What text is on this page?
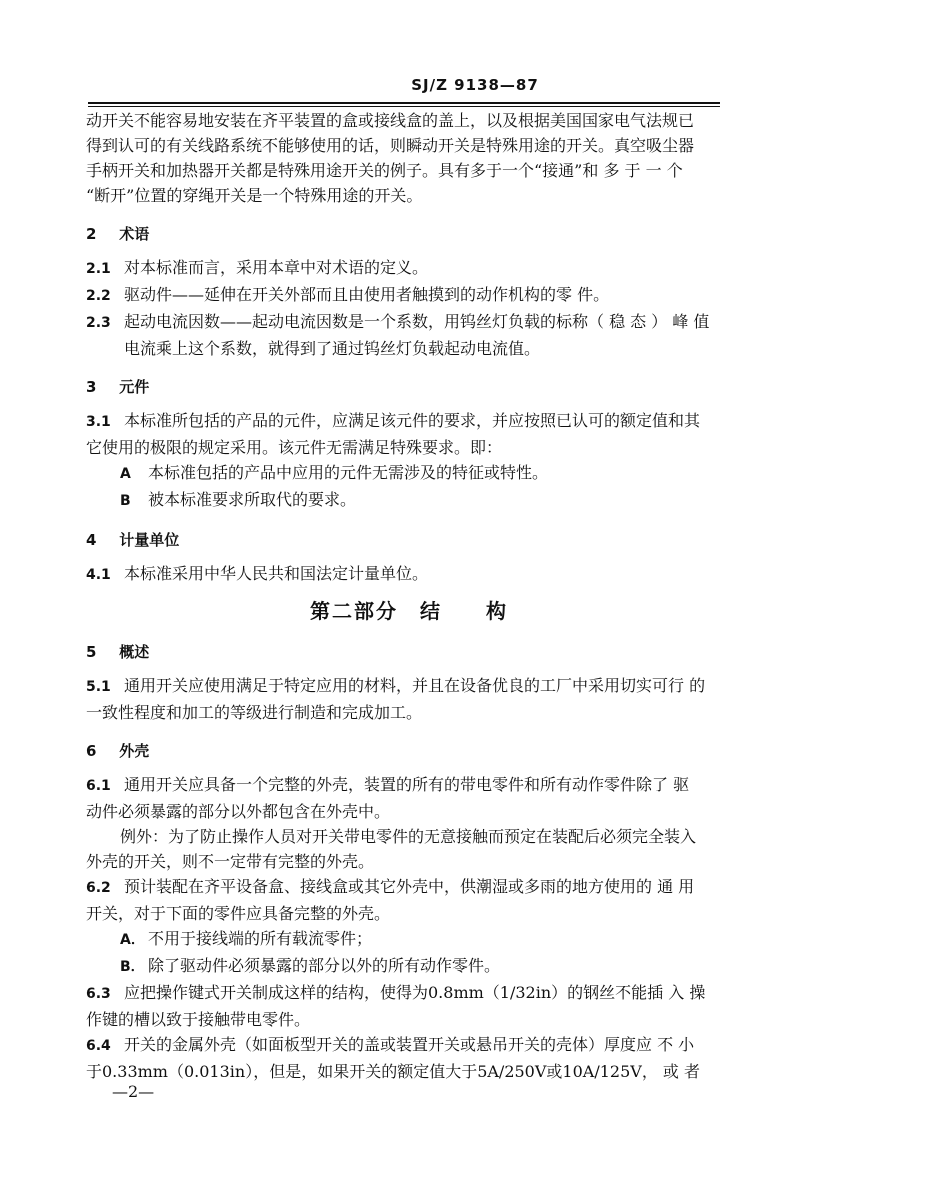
SJ/Z 9138—87

动开关不能容易地安装在齐平装置的盒或接线盒的盖上，以及根据美国国家电气法规已

得到认可的有关线路系统不能够使用的话，则瞬动开关是特殊用途的开关。真空吸尘器

手柄开关和加热器开关都是特殊用途开关的例子。具有多于一个“接通”和 多 于 一 个

“断开”位置的穿绳开关是一个特殊用途的开关。

2 术语

2.1 对本标准而言，采用本章中对术语的定义。

2.2 驱动件——延伸在开关外部而且由使用者触摸到的动作机构的零 件。

2.3 起动电流因数——起动电流因数是一个系数，用钨丝灯负载的标称（ 稳 态 ） 峰 值

电流乘上这个系数，就得到了通过钨丝灯负载起动电流值。

3 元件

3.1 本标准所包括的产品的元件，应满足该元件的要求，并应按照已认可的额定值和其

它使用的极限的规定采用。该元件无需满足特殊要求。即：

A 本标准包括的产品中应用的元件无需涉及的特征或特性。

B 被本标准要求所取代的要求。

4 计量单位

4.1 本标准采用中华人民共和国法定计量单位。

第二部分　结　　构

5 概述

5.1 通用开关应使用满足于特定应用的材料，并且在设备优良的工厂中采用切实可行 的

一致性程度和加工的等级进行制造和完成加工。

6 外壳

6.1 通用开关应具备一个完整的外壳，装置的所有的带电零件和所有动作零件除了 驱

动件必须暴露的部分以外都包含在外壳中。

例外：为了防止操作人员对开关带电零件的无意接触而预定在装配后必须完全装入

外壳的开关，则不一定带有完整的外壳。

6.2 预计装配在齐平设备盒、接线盒或其它外壳中，供潮湿或多雨的地方使用的 通 用

开关，对于下面的零件应具备完整的外壳。

A． 不用于接线端的所有载流零件；

B． 除了驱动件必须暴露的部分以外的所有动作零件。

6.3 应把操作键式开关制成这样的结构，使得为0.8mm（1/32in）的钢丝不能插 入 操

作键的槽以致于接触带电零件。

6.4 开关的金属外壳（如面板型开关的盖或装置开关或悬吊开关的壳体）厚度应 不 小

于0.33mm（0.013in），但是，如果开关的额定值大于5A/250V或10A/125V， 或 者

—2—
